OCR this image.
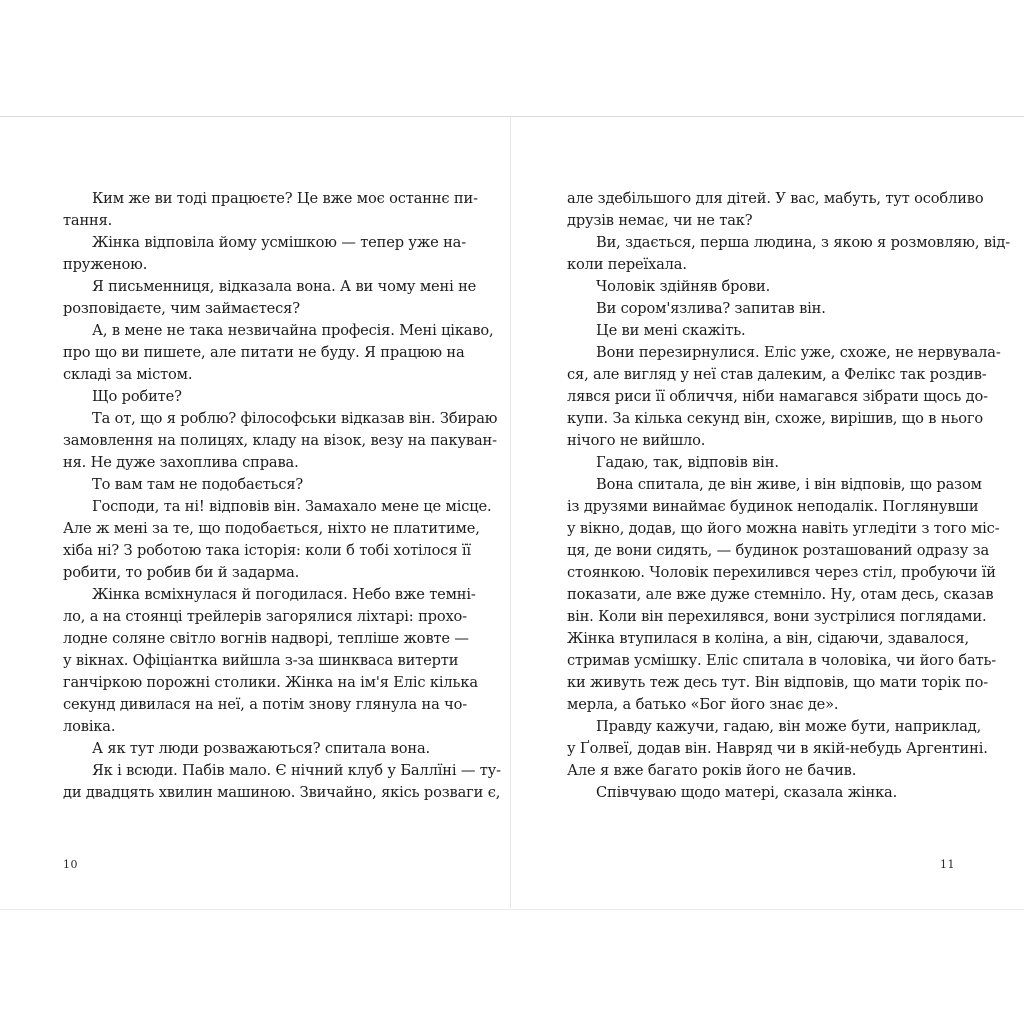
Ким же ви тоді працюєте? Це вже моє останнє пи-
тання.
Жінка відповіла йому усмішкою — тепер уже на-
пруженою.
Я письменниця, відказала вона. А ви чому мені не
розповідаєте, чим займаєтеся?
А, в мене не така незвичайна професія. Мені цікаво,
про що ви пишете, але питати не буду. Я працюю на
складі за містом.
Що робите?
Та от, що я роблю? філософськи відказав він. Збираю
замовлення на полицях, кладу на візок, везу на пакуван-
ня. Не дуже захоплива справа.
То вам там не подобається?
Господи, та ні! відповів він. Замахало мене це місце.
Але ж мені за те, що подобається, ніхто не платитиме,
хіба ні? З роботою така історія: коли б тобі хотілося її
робити, то робив би й задарма.
Жінка всміхнулася й погодилася. Небо вже темні-
ло, а на стоянці трейлерів загорялися ліхтарі: прохо-
лодне соляне світло вогнів надворі, тепліше жовте —
у вікнах. Офіціантка вийшла з-за шинкваса витерти
ганчіркою порожні столики. Жінка на ім'я Еліс кілька
секунд дивилася на неї, а потім знову глянула на чо-
ловіка.
А як тут люди розважаються? спитала вона.
Як і всюди. Пабів мало. Є нічний клуб у Баллїні — ту-
ди двадцять хвилин машиною. Звичайно, якісь розваги є,
але здебільшого для дітей. У вас, мабуть, тут особливо
друзів немає, чи не так?
Ви, здається, перша людина, з якою я розмовляю, від-
коли переїхала.
Чоловік здійняв брови.
Ви сором'язлива? запитав він.
Це ви мені скажіть.
Вони перезирнулися. Еліс уже, схоже, не нервувала-
ся, але вигляд у неї став далеким, а Фелікс так роздив-
лявся риси її обличчя, ніби намагався зібрати щось до-
купи. За кілька секунд він, схоже, вирішив, що в нього
нічого не вийшло.
Гадаю, так, відповів він.
Вона спитала, де він живе, і він відповів, що разом
із друзями винаймає будинок неподалік. Поглянувши
у вікно, додав, що його можна навіть угледіти з того міс-
ця, де вони сидять, — будинок розташований одразу за
стоянкою. Чоловік перехилився через стіл, пробуючи їй
показати, але вже дуже стемніло. Ну, отам десь, сказав
він. Коли він перехилявся, вони зустрілися поглядами.
Жінка втупилася в коліна, а він, сідаючи, здавалося,
стримав усмішку. Еліс спитала в чоловіка, чи його бать-
ки живуть теж десь тут. Він відповів, що мати торік по-
мерла, а батько «Бог його знає де».
Правду кажучи, гадаю, він може бути, наприклад,
у Ґолвеї, додав він. Навряд чи в якій-небудь Аргентині.
Але я вже багато років його не бачив.
Співчуваю щодо матері, сказала жінка.
10	11
